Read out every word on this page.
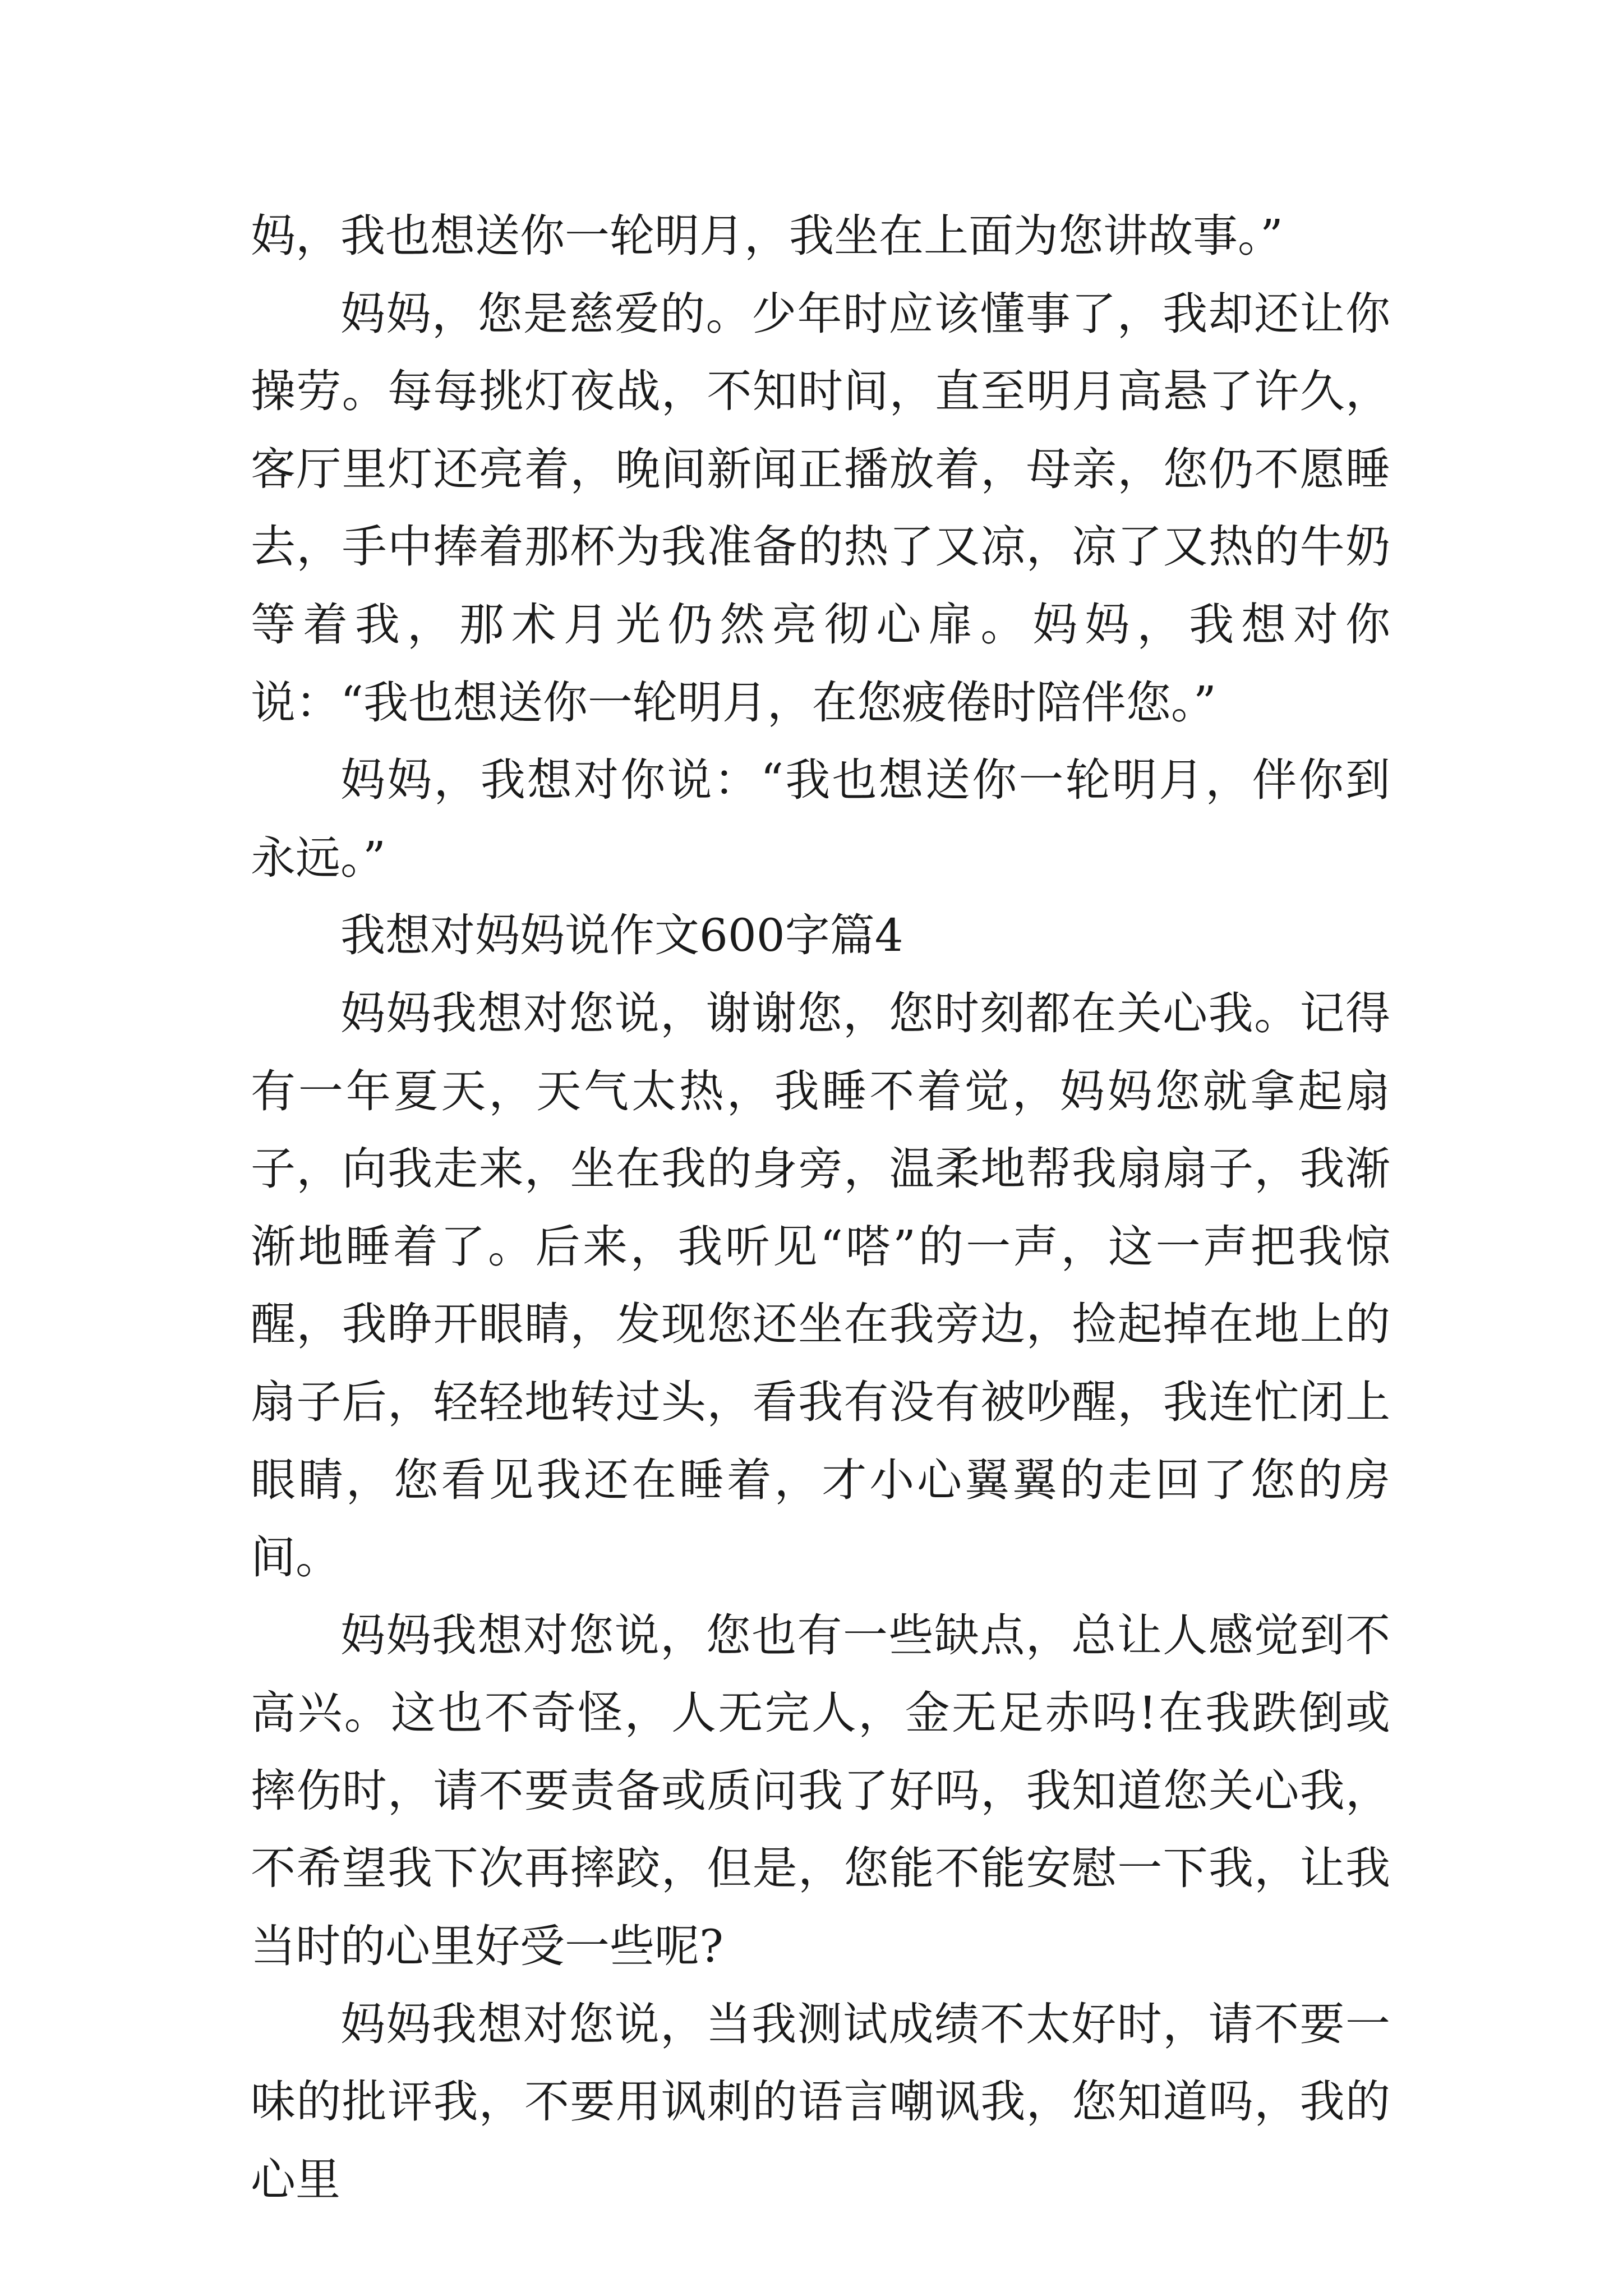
妈，我也想送你一轮明月，我坐在上面为您讲故事。”

妈妈，您是慈爱的。少年时应该懂事了，我却还让你操劳。每每挑灯夜战，不知时间，直至明月高悬了许久，客厅里灯还亮着，晚间新闻正播放着，母亲，您仍不愿睡去，手中捧着那杯为我准备的热了又凉，凉了又热的牛奶等着我，那术月光仍然亮彻心扉。妈妈，我想对你说：“我也想送你一轮明月，在您疲倦时陪伴您。”

妈妈，我想对你说：“我也想送你一轮明月，伴你到永远。”

我想对妈妈说作文600字篇4

妈妈我想对您说，谢谢您，您时刻都在关心我。记得有一年夏天，天气太热，我睡不着觉，妈妈您就拿起扇子，向我走来，坐在我的身旁，温柔地帮我扇扇子，我渐渐地睡着了。后来，我听见“嗒”的一声，这一声把我惊醒，我睁开眼睛，发现您还坐在我旁边，捡起掉在地上的扇子后，轻轻地转过头，看我有没有被吵醒，我连忙闭上眼睛，您看见我还在睡着，才小心翼翼的走回了您的房间。

妈妈我想对您说，您也有一些缺点，总让人感觉到不高兴。这也不奇怪，人无完人，金无足赤吗!在我跌倒或摔伤时，请不要责备或质问我了好吗，我知道您关心我，不希望我下次再摔跤，但是，您能不能安慰一下我，让我当时的心里好受一些呢?

妈妈我想对您说，当我测试成绩不太好时，请不要一味的批评我，不要用讽刺的语言嘲讽我，您知道吗，我的心里
